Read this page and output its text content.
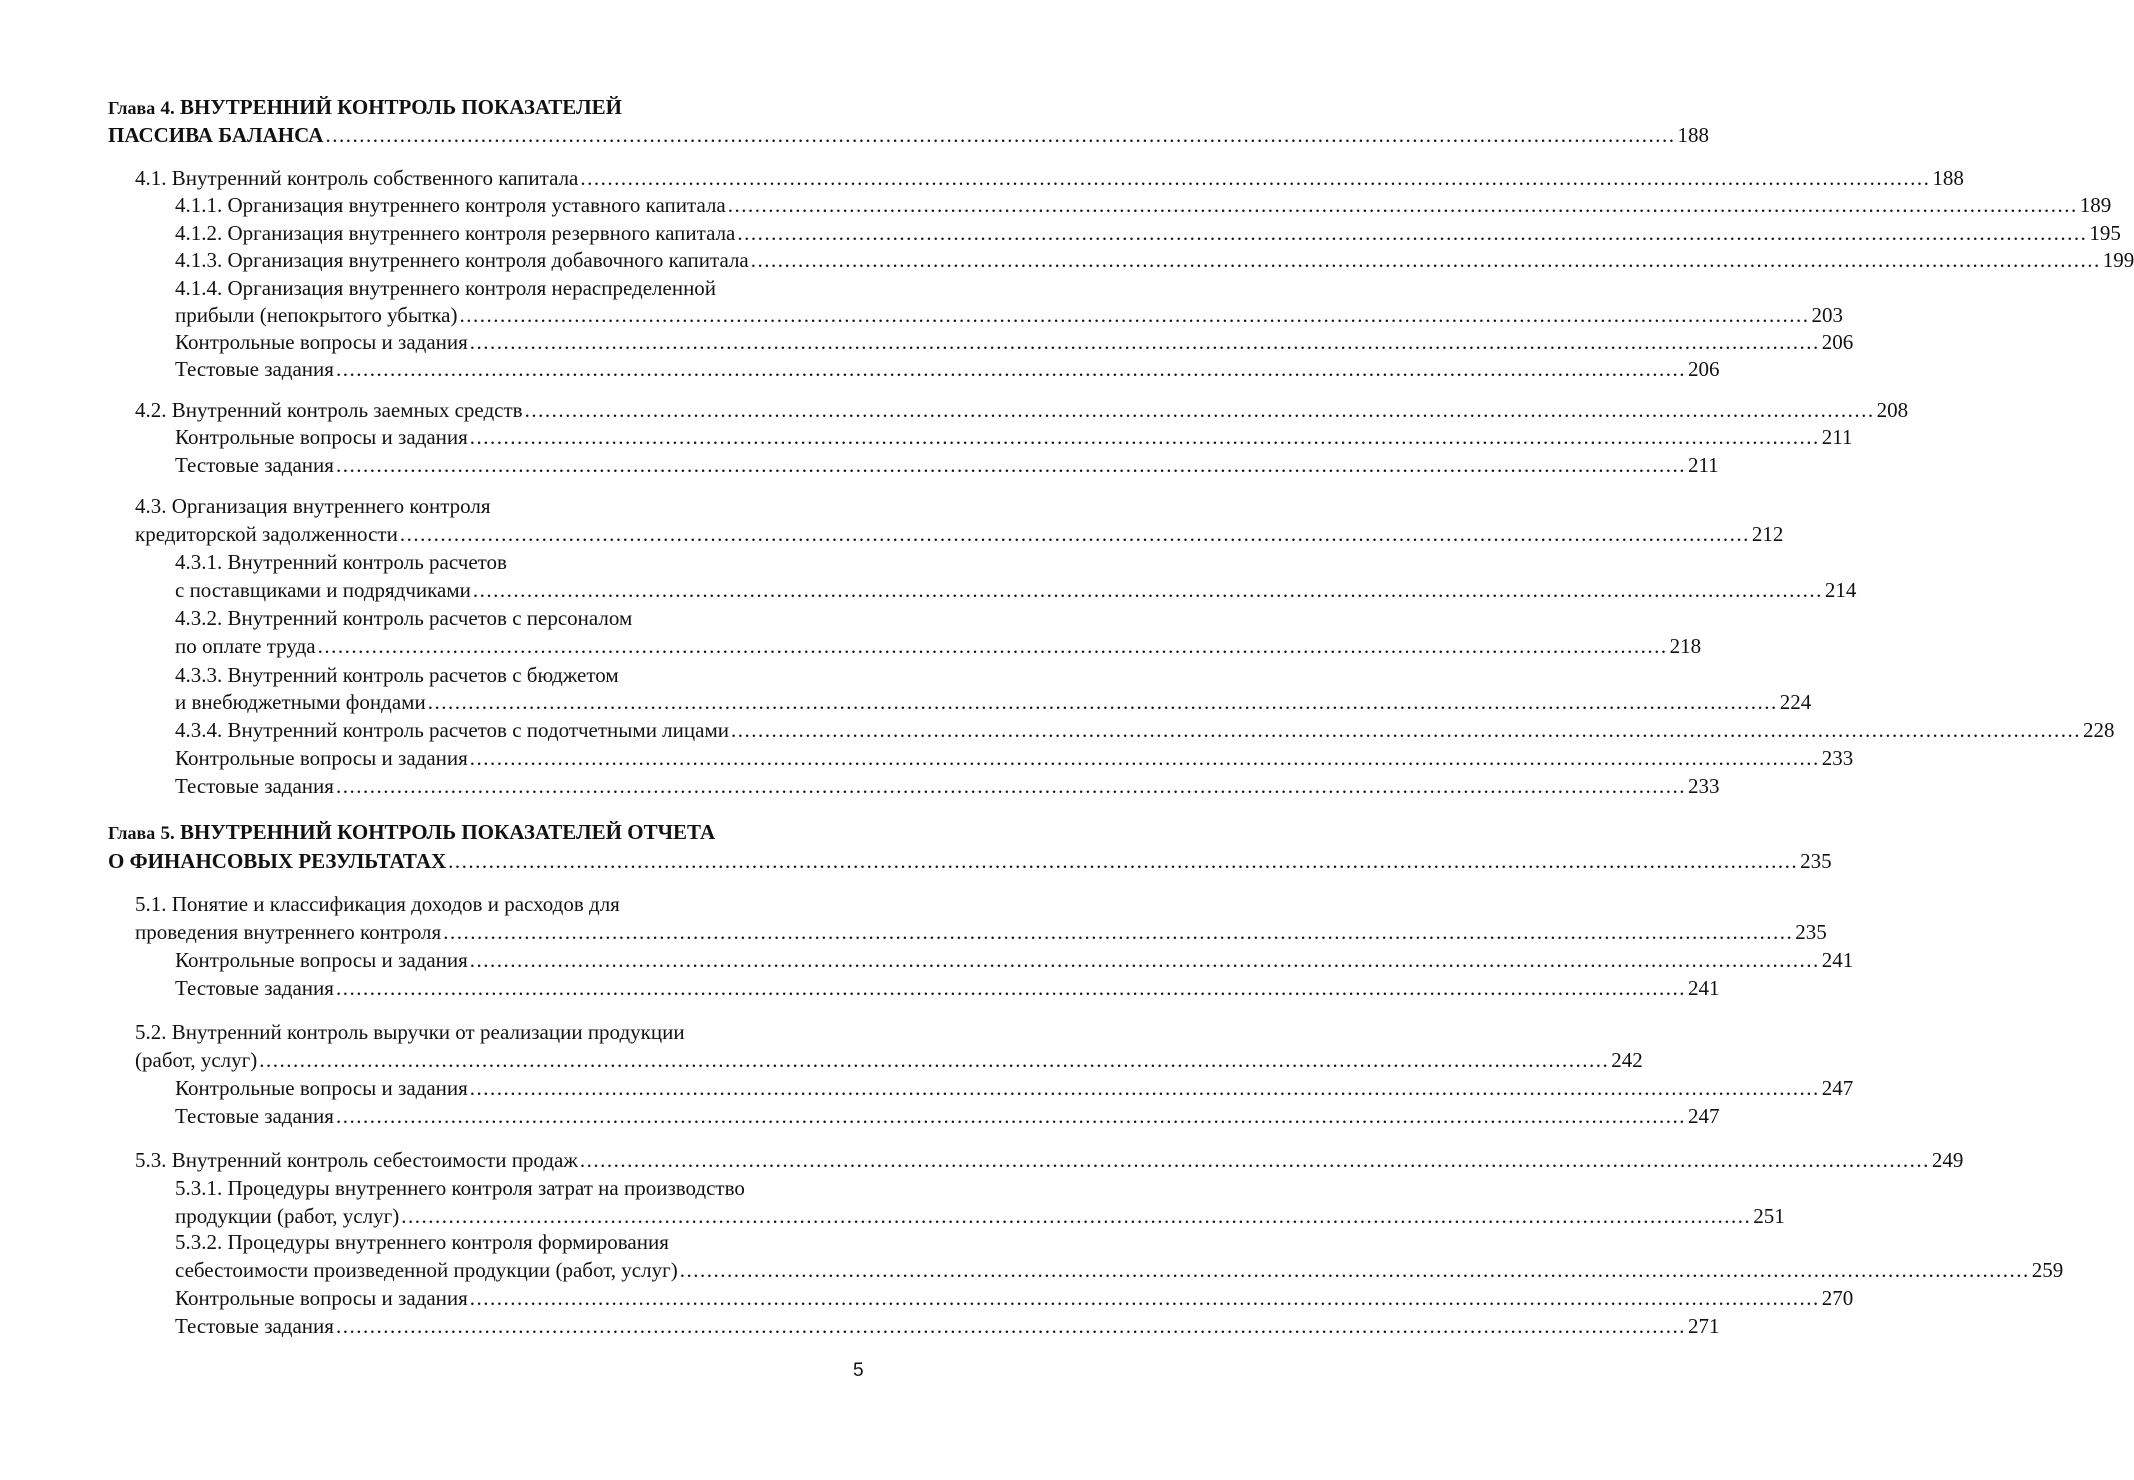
Глава 4. ВНУТРЕННИЙ КОНТРОЛЬ ПОКАЗАТЕЛЕЙ
ПАССИВА БАЛАНСА ........................................................................................................................................................................................................ 188
4.1. Внутренний контроль собственного капитала ........................................................................................................................................................................................................ 188
4.1.1. Организация внутреннего контроля уставного капитала ........................................................................................................................................................................................................ 189
4.1.2. Организация внутреннего контроля резервного капитала ........................................................................................................................................................................................................ 195
4.1.3. Организация внутреннего контроля добавочного капитала ........................................................................................................................................................................................................ 199
4.1.4. Организация внутреннего контроля нераспределенной
прибыли (непокрытого убытка) ........................................................................................................................................................................................................ 203
Контрольные вопросы и задания ........................................................................................................................................................................................................ 206
Тестовые задания ........................................................................................................................................................................................................ 206
4.2. Внутренний контроль заемных средств ........................................................................................................................................................................................................ 208
Контрольные вопросы и задания ........................................................................................................................................................................................................ 211
Тестовые задания ........................................................................................................................................................................................................ 211
4.3. Организация внутреннего контроля
кредиторской задолженности ........................................................................................................................................................................................................ 212
4.3.1. Внутренний контроль расчетов
с поставщиками и подрядчиками ........................................................................................................................................................................................................ 214
4.3.2. Внутренний контроль расчетов с персоналом
по оплате труда ........................................................................................................................................................................................................ 218
4.3.3. Внутренний контроль расчетов с бюджетом
и внебюджетными фондами ........................................................................................................................................................................................................ 224
4.3.4. Внутренний контроль расчетов с подотчетными лицами ........................................................................................................................................................................................................ 228
Контрольные вопросы и задания ........................................................................................................................................................................................................ 233
Тестовые задания ........................................................................................................................................................................................................ 233
Глава 5. ВНУТРЕННИЙ КОНТРОЛЬ ПОКАЗАТЕЛЕЙ ОТЧЕТА
О ФИНАНСОВЫХ РЕЗУЛЬТАТАХ ........................................................................................................................................................................................................ 235
5.1. Понятие и классификация доходов и расходов для
проведения внутреннего контроля ........................................................................................................................................................................................................ 235
Контрольные вопросы и задания ........................................................................................................................................................................................................ 241
Тестовые задания ........................................................................................................................................................................................................ 241
5.2. Внутренний контроль выручки от реализации продукции
(работ, услуг) ........................................................................................................................................................................................................ 242
Контрольные вопросы и задания ........................................................................................................................................................................................................ 247
Тестовые задания ........................................................................................................................................................................................................ 247
5.3. Внутренний контроль себестоимости продаж ........................................................................................................................................................................................................ 249
5.3.1. Процедуры внутреннего контроля затрат на производство
продукции (работ, услуг) ........................................................................................................................................................................................................ 251
5.3.2. Процедуры внутреннего контроля формирования
себестоимости произведенной продукции (работ, услуг) ........................................................................................................................................................................................................ 259
Контрольные вопросы и задания ........................................................................................................................................................................................................ 270
Тестовые задания ........................................................................................................................................................................................................ 271
5
